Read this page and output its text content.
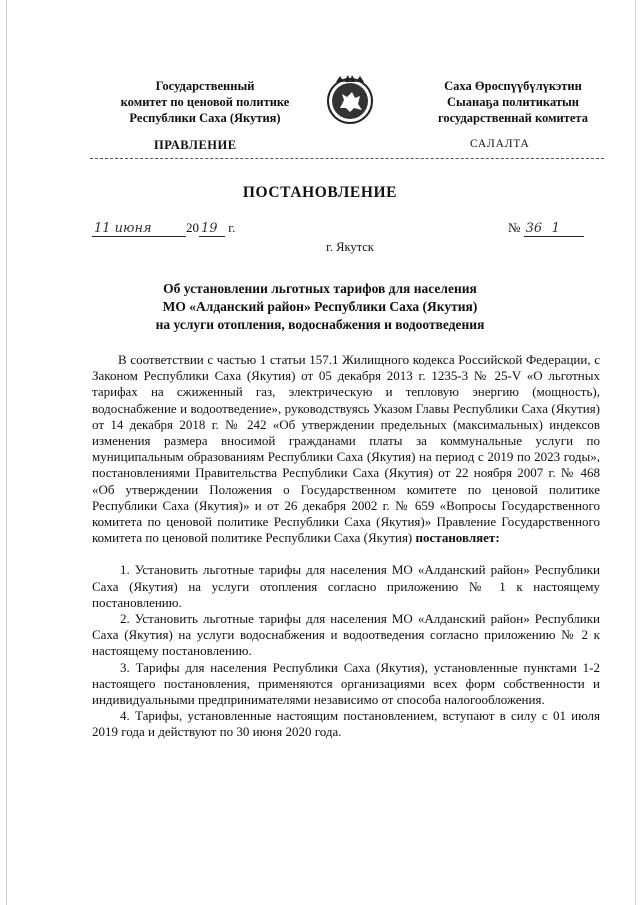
Государственный
комитет по ценовой политике
Республики Саха (Якутия)
Саха Өроспүүбүлүкэтин
Сыанаҕа политикатын
государственнай комитета
ПРАВЛЕНИЕ	САЛАЛТА
ПОСТАНОВЛЕНИЕ
11 июня	20 19 г.	№ 36 1
г. Якутск
Об установлении льготных тарифов для населения
МО «Алданский район» Республики Саха (Якутия)
на услуги отопления, водоснабжения и водоотведения

В соответствии с частью 1 статьи 157.1 Жилищного кодекса Российской Федерации, с Законом Республики Саха (Якутия) от 05 декабря 2013 г. 1235-3 № 25-V «О льготных тарифах на сжиженный газ, электрическую и тепловую энергию (мощность), водоснабжение и водоотведение», руководствуясь Указом Главы Республики Саха (Якутия) от 14 декабря 2018 г. № 242 «Об утверждении предельных (максимальных) индексов изменения размера вносимой гражданами платы за коммунальные услуги по муниципальным образованиям Республики Саха (Якутия) на период с 2019 по 2023 годы», постановлениями Правительства Республики Саха (Якутия) от 22 ноября 2007 г. № 468 «Об утверждении Положения о Государственном комитете по ценовой политике Республики Саха (Якутия)» и от 26 декабря 2002 г. № 659 «Вопросы Государственного комитета по ценовой политике Республики Саха (Якутия)» Правление Государственного комитета по ценовой политике Республики Саха (Якутия) постановляет:

1. Установить льготные тарифы для населения МО «Алданский район» Республики Саха (Якутия) на услуги отопления согласно приложению № 1 к настоящему постановлению.

2. Установить льготные тарифы для населения МО «Алданский район» Республики Саха (Якутия) на услуги водоснабжения и водоотведения согласно приложению № 2 к настоящему постановлению.

3. Тарифы для населения Республики Саха (Якутия), установленные пунктами 1-2 настоящего постановления, применяются организациями всех форм собственности и индивидуальными предпринимателями независимо от способа налогообложения.

4. Тарифы, установленные настоящим постановлением, вступают в силу с 01 июля 2019 года и действуют по 30 июня 2020 года.
